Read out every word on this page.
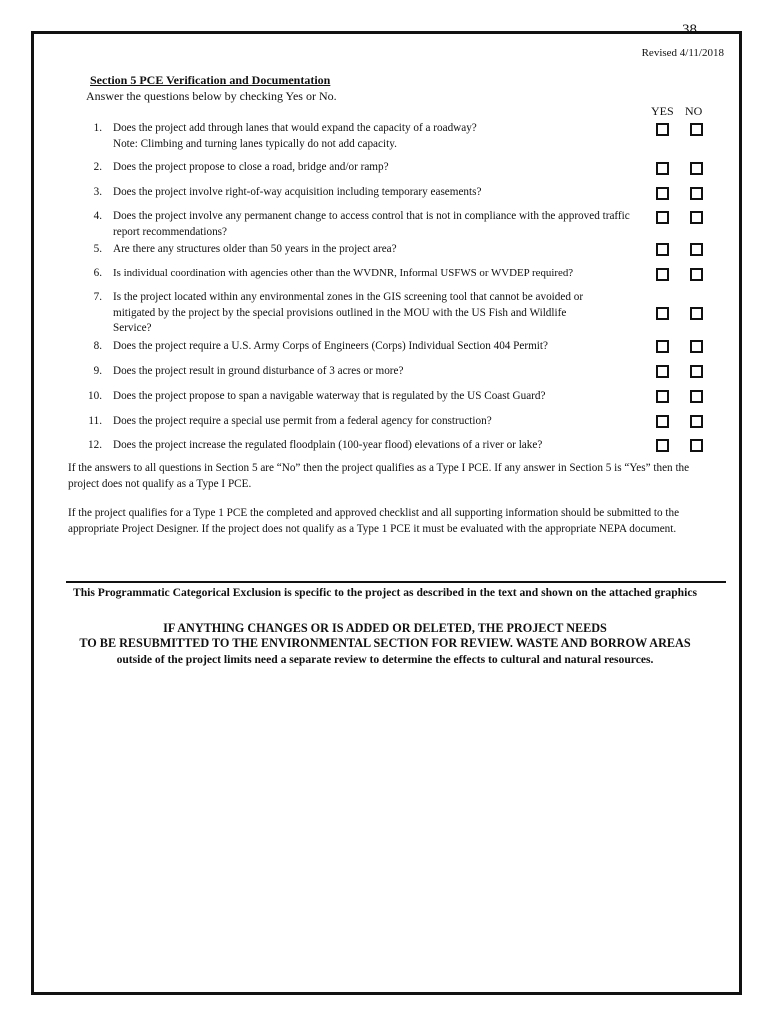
38
Revised 4/11/2018
Section 5 PCE Verification and Documentation
Answer the questions below by checking Yes or No.
YES NO
1. Does the project add through lanes that would expand the capacity of a roadway?
Note: Climbing and turning lanes typically do not add capacity.
2. Does the project propose to close a road, bridge and/or ramp?
3. Does the project involve right-of-way acquisition including temporary easements?
4. Does the project involve any permanent change to access control that is not in compliance with the approved traffic report recommendations?
5. Are there any structures older than 50 years in the project area?
6. Is individual coordination with agencies other than the WVDNR, Informal USFWS or WVDEP required?
7. Is the project located within any environmental zones in the GIS screening tool that cannot be avoided or mitigated by the project by the special provisions outlined in the MOU with the US Fish and Wildlife Service?
8. Does the project require a U.S. Army Corps of Engineers (Corps) Individual Section 404 Permit?
9. Does the project result in ground disturbance of 3 acres or more?
10. Does the project propose to span a navigable waterway that is regulated by the US Coast Guard?
11. Does the project require a special use permit from a federal agency for construction?
12. Does the project increase the regulated floodplain (100-year flood) elevations of a river or lake?
If the answers to all questions in Section 5 are “No” then the project qualifies as a Type I PCE. If any answer in Section 5 is “Yes” then the project does not qualify as a Type I PCE.
If the project qualifies for a Type 1 PCE the completed and approved checklist and all supporting information should be submitted to the appropriate Project Designer. If the project does not qualify as a Type 1 PCE it must be evaluated with the appropriate NEPA document.
This Programmatic Categorical Exclusion is specific to the project as described in the text and shown on the attached graphics
IF ANYTHING CHANGES OR IS ADDED OR DELETED, THE PROJECT NEEDS
TO BE RESUBMITTED TO THE ENVIRONMENTAL SECTION FOR REVIEW. WASTE AND BORROW AREAS
outside of the project limits need a separate review to determine the effects to cultural and natural resources.
